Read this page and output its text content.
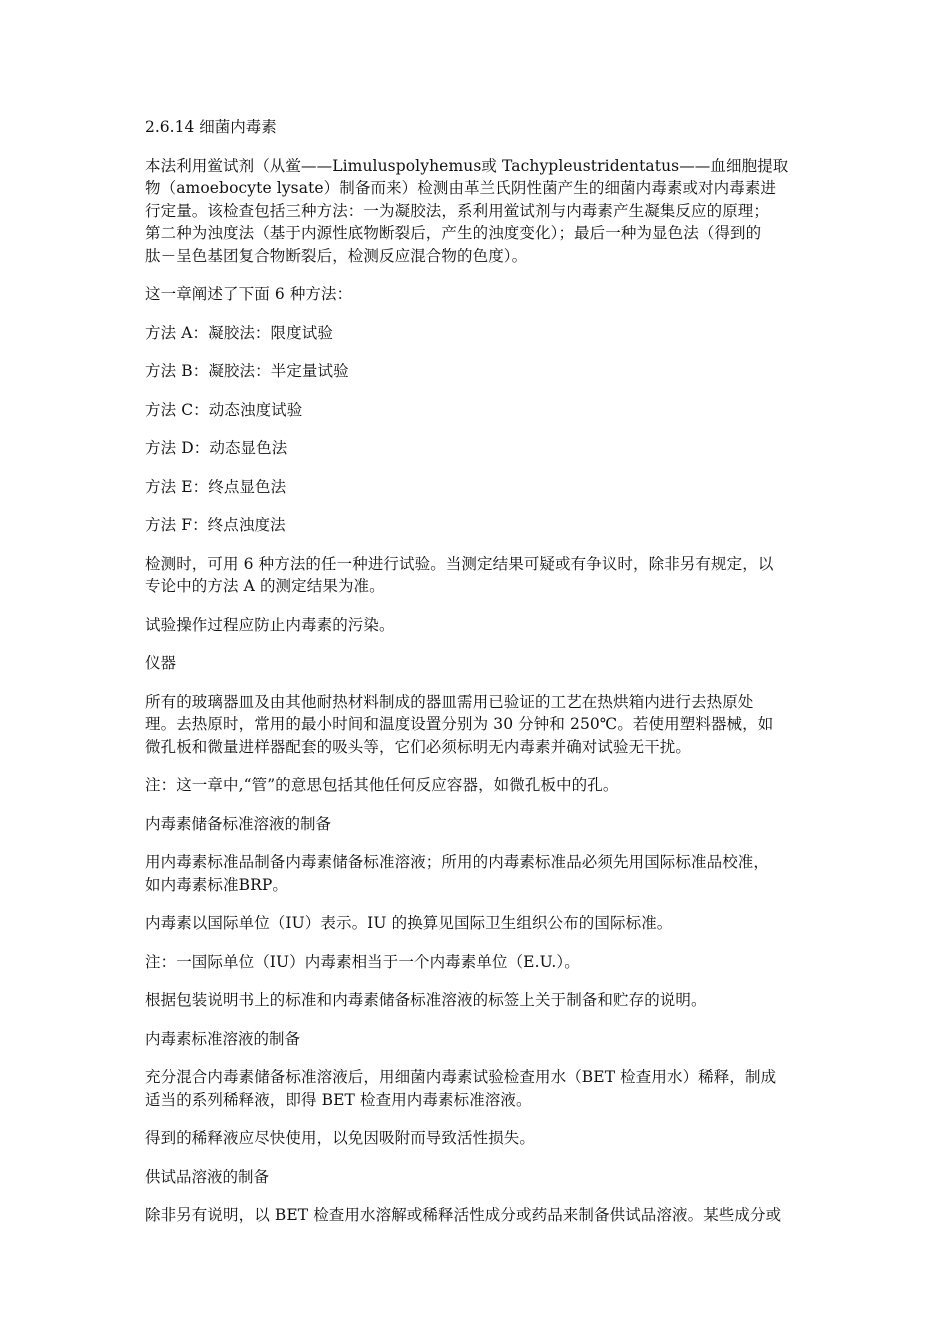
2.6.14 细菌内毒素

本法利用鲎试剂（从鲎——Limuluspolyhemus或 Tachypleustridentatus——血细胞提取
物（amoebocyte lysate）制备而来）检测由革兰氏阴性菌产生的细菌内毒素或对内毒素进
行定量。该检查包括三种方法：一为凝胶法，系利用鲎试剂与内毒素产生凝集反应的原理；
第二种为浊度法（基于内源性底物断裂后，产生的浊度变化）；最后一种为显色法（得到的
肽－呈色基团复合物断裂后，检测反应混合物的色度）。

这一章阐述了下面 6 种方法：

方法 A：凝胶法：限度试验

方法 B：凝胶法：半定量试验

方法 C：动态浊度试验

方法 D：动态显色法

方法 E：终点显色法

方法 F：终点浊度法

检测时，可用 6 种方法的任一种进行试验。当测定结果可疑或有争议时，除非另有规定，以
专论中的方法 A 的测定结果为准。

试验操作过程应防止内毒素的污染。

仪器

所有的玻璃器皿及由其他耐热材料制成的器皿需用已验证的工艺在热烘箱内进行去热原处
理。去热原时，常用的最小时间和温度设置分别为 30 分钟和 250℃。若使用塑料器械，如
微孔板和微量进样器配套的吸头等，它们必须标明无内毒素并确对试验无干扰。

注：这一章中,“管”的意思包括其他任何反应容器，如微孔板中的孔。

内毒素储备标准溶液的制备

用内毒素标准品制备内毒素储备标准溶液；所用的内毒素标准品必须先用国际标准品校准，
如内毒素标准BRP。

内毒素以国际单位（IU）表示。IU 的换算见国际卫生组织公布的国际标准。

注：一国际单位（IU）内毒素相当于一个内毒素单位（E.U.）。

根据包装说明书上的标准和内毒素储备标准溶液的标签上关于制备和贮存的说明。

内毒素标准溶液的制备

充分混合内毒素储备标准溶液后，用细菌内毒素试验检查用水（BET 检查用水）稀释，制成
适当的系列稀释液，即得 BET 检查用内毒素标准溶液。

得到的稀释液应尽快使用，以免因吸附而导致活性损失。

供试品溶液的制备

除非另有说明，以 BET 检查用水溶解或稀释活性成分或药品来制备供试品溶液。某些成分或
